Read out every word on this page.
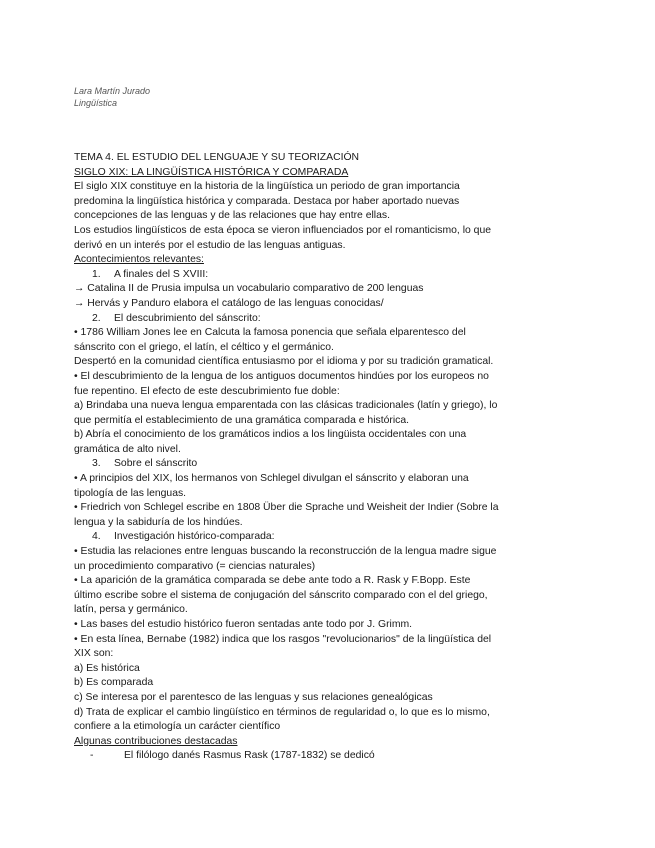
Lara Martín Jurado
Lingüística
TEMA 4. EL ESTUDIO DEL LENGUAJE Y SU TEORIZACIÓN
SIGLO XIX: LA LINGÜÍSTICA HISTÓRICA Y COMPARADA
El siglo XIX constituye en la historia de la lingüística un periodo de gran importancia
predomina la lingüística histórica y comparada. Destaca por haber aportado nuevas
concepciones de las lenguas y de las relaciones que hay entre ellas.
Los estudios lingüísticos de esta época se vieron influenciados por el romanticismo, lo que
derivó en un interés por el estudio de las lenguas antiguas.
Acontecimientos relevantes:
1. A finales del S XVIII:
→ Catalina II de Prusia impulsa un vocabulario comparativo de 200 lenguas
→ Hervás y Panduro elabora el catálogo de las lenguas conocidas/
2. El descubrimiento del sánscrito:
• 1786 William Jones lee en Calcuta la famosa ponencia que señala elparentesco del
sánscrito con el griego, el latín, el céltico y el germánico.
Despertó en la comunidad científica entusiasmo por el idioma y por su tradición gramatical.
• El descubrimiento de la lengua de los antiguos documentos hindúes por los europeos no
fue repentino. El efecto de este descubrimiento fue doble:
a) Brindaba una nueva lengua emparentada con las clásicas tradicionales (latín y griego), lo
que permitía el establecimiento de una gramática comparada e histórica.
b) Abría el conocimiento de los gramáticos indios a los lingüista occidentales con una
gramática de alto nivel.
3. Sobre el sánscrito
• A principios del XIX, los hermanos von Schlegel divulgan el sánscrito y elaboran una
tipología de las lenguas.
• Friedrich von Schlegel escribe en 1808 Über die Sprache und Weisheit der Indier (Sobre la
lengua y la sabiduría de los hindúes.
4. Investigación histórico-comparada:
• Estudia las relaciones entre lenguas buscando la reconstrucción de la lengua madre sigue
un procedimiento comparativo (= ciencias naturales)
• La aparición de la gramática comparada se debe ante todo a R. Rask y F.Bopp. Este
último escribe sobre el sistema de conjugación del sánscrito comparado con el del griego,
latín, persa y germánico.
• Las bases del estudio histórico fueron sentadas ante todo por J. Grimm.
• En esta línea, Bernabe (1982) indica que los rasgos "revolucionarios" de la lingüística del
XIX son:
a) Es histórica
b) Es comparada
c) Se interesa por el parentesco de las lenguas y sus relaciones genealógicas
d) Trata de explicar el cambio lingüístico en términos de regularidad o, lo que es lo mismo,
confiere a la etimología un carácter científico
Algunas contribuciones destacadas
-	El filólogo danés Rasmus Rask (1787-1832) se dedicó
